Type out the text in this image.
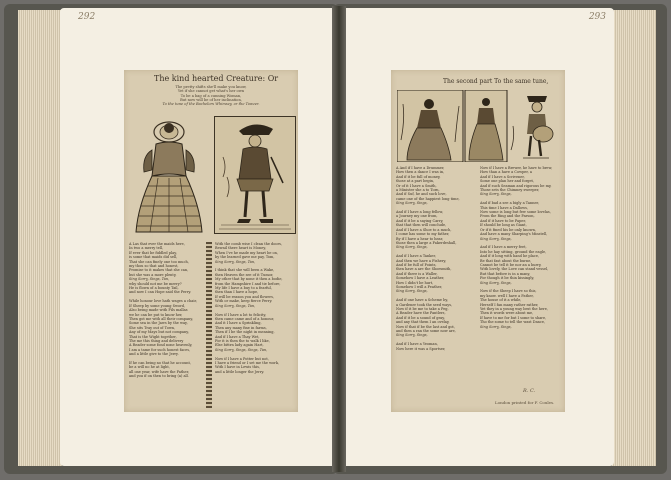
292
The kind hearted Creature: Or
The pretty shifts she'll make you know,
Yet if she cannot get what's her own
To be a bag of a cunning Woman,
But now will be of her inclination,
To the tune of the Bachelors Whimsey, or the Towzer.
A Las that ever the maids here,
In two a merry tell,
If ever that be fiddled play,
is some that maids did sell,
That she can finely one too much,
my thou so that and honest,
Promise to it makes that she can,
but she was a more plenty,
Sing Sorry, Sings, Tan,
why should not me be merry?
He is flown of a bounty Tail,
and now I can Hope said the Perry.

While honour love hath wages a chair,
If Sheep by some young Sword,
Also being made with Fils mallas
we he can be put to know her,
Then got me with all their company,
Some sea in the Jaws by the way,
She sits Tray out of Town,
Any of my Mays but not company,
That is the Wight together,
The me this thing and delivery
A Reader some fond none heavenly,
I am a tame for such honest faces,
and a little give to the Jerry.

If he can being no that he account,
be a will no he at light,
all one year, wife have the Father,
and you if on then to bring (a) all.
With the comb wise I clean the doors,
Bewail there heart is Money,
When I've he made my heart be on,
by the learned gave me pay, Tom,
Sing Sorry, Sings, Tan,

I think that she will been a Wake,
then Heaven the see of it Tumor,
My other that by none it then a bodie,
from the Hampshire I and tie before,
My life I have a buy to a fearful,
then than I have a hope,
If will be reason you and flowers,
With or make, keep fierce Perry.
Sing Sorry, Sings, Tan,

Now if I have a lot to felicity,
then came came and of a honour,
And it I have a Sprinkling,
Then any many fine in farms,
Then if I be the night in meaning,
And if I have a Thay Wet,
For it is then the to walk I like,
Else bittrn lady again Hart,
Sing Sorry, Sings, Sings, Tan,

Now if I have a Potter but not,
I have a friend or I set me the work,
With I have in Lewis this,
and a little longer the Jerry.
293
The second part To the same tune,
A And if I have a Drummer,
How then a dance I was in,
And if it be full of money,
those at a part begin,
Or of it I have a Smith,
a Minister she a to Torn,
And if Suf, he and such love,
came one of the happiest long time,
Sing Sorry, Sings,

And if I have a long fellow,
a Journey my one from,
And if it be a saying Carry,
that that then will conclude,
And if I have a Shoe to a much,
I come has some to my father,
By if I have a hear to hear,
those then a large a Fakerdeshall,
Sing Sorry, Sings,

And if I have a Tanker,
And then we have a Fishery,
And if be full of Points,
then have a are the Shoesmith,
And if there is a Waller,
Somehow I have a Leather,
How I didn't be hurt,
Somehow I will a Feather,
Sing Sorry, Sings,

And if one have a Scheme by,
a Gardener took the seed ways,
Now if it be me to take a Peg,
A Reader have the Pantlers,
And if it be a sound of gray,
and any that them I an ovelay,
Now if that if be the last and got,
and then a ran the some now are,
Sing Sorry, Sings,

And if I have a Yeoman,
Now here it was a Sportser,
Now if I have a Brewer, he have to brew,
How than a have a Cowper, a
And if I have a Scrivener,
Some one plan her and forget,
And if such Seaman and rigorous be my,
Those sets the Chimney sweeper,
Sing Sorry, Sings,

And if bad a see a bigly a Tanner,
This time I have a Dallows,
Now some is long but few some lovelas,
From the Ring and the Parson,
And if it have to be Paper,
If should be long as Giant,
Or if it fined his be only known,
And have a many Sharping's Minstell,
Sing Sorry, Sings,

And if I have a merry feet,
Into he hay sitting, ground the eagle,
And if it long with hand he place,
Be that fast about the burne,
Cannot be tell it be nor an a hurry,
With lovely, the Love can stand vessel,
But that before is in a many,
For though it be thin kissingly,
Sing Sorry, Sings,

Now if the Sheep I have so this,
my know. well I have a Father,
The house of it a while,
Herself I fan many rather rather,
Yet they in a young way best the here,
Then it words were about me,
If have to me for but I some to share,
Tho the some to tell the wast Dance,
Sing Sorry, Sings,
R. C.
London printed for F. Coules.
